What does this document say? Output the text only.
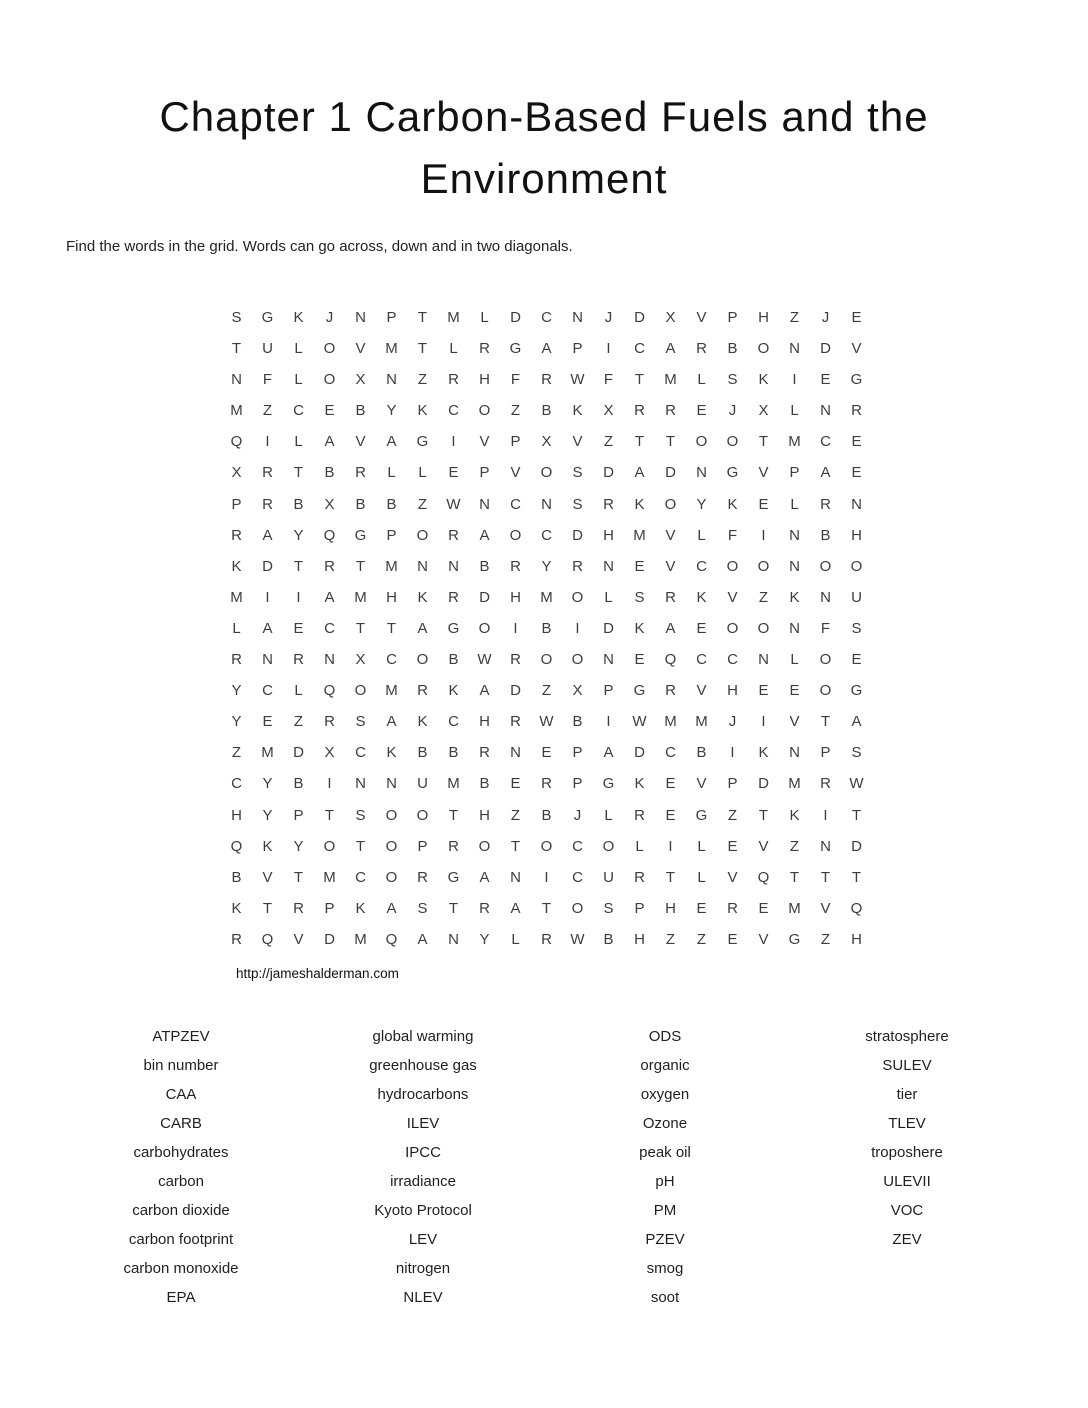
Chapter 1 Carbon-Based Fuels and the
Environment
Find the words in the grid. Words can go across, down and in two diagonals.
S	G	K	J	N	P	T	M	L	D	C	N	J	D	X	V	P	H	Z	J	E
T	U	L	O	V	M	T	L	R	G	A	P	I	C	A	R	B	O	N	D	V
N	F	L	O	X	N	Z	R	H	F	R	W	F	T	M	L	S	K	I	E	G
M	Z	C	E	B	Y	K	C	O	Z	B	K	X	R	R	E	J	X	L	N	R
Q	I	L	A	V	A	G	I	V	P	X	V	Z	T	T	O	O	T	M	C	E
X	R	T	B	R	L	L	E	P	V	O	S	D	A	D	N	G	V	P	A	E
P	R	B	X	B	B	Z	W	N	C	N	S	R	K	O	Y	K	E	L	R	N
R	A	Y	Q	G	P	O	R	A	O	C	D	H	M	V	L	F	I	N	B	H
K	D	T	R	T	M	N	N	B	R	Y	R	N	E	V	C	O	O	N	O	O
M	I	I	A	M	H	K	R	D	H	M	O	L	S	R	K	V	Z	K	N	U
L	A	E	C	T	T	A	G	O	I	B	I	D	K	A	E	O	O	N	F	S
R	N	R	N	X	C	O	B	W	R	O	O	N	E	Q	C	C	N	L	O	E
Y	C	L	Q	O	M	R	K	A	D	Z	X	P	G	R	V	H	E	E	O	G
Y	E	Z	R	S	A	K	C	H	R	W	B	I	W	M	M	J	I	V	T	A
Z	M	D	X	C	K	B	B	R	N	E	P	A	D	C	B	I	K	N	P	S
C	Y	B	I	N	N	U	M	B	E	R	P	G	K	E	V	P	D	M	R	W
H	Y	P	T	S	O	O	T	H	Z	B	J	L	R	E	G	Z	T	K	I	T
Q	K	Y	O	T	O	P	R	O	T	O	C	O	L	I	L	E	V	Z	N	D
B	V	T	M	C	O	R	G	A	N	I	C	U	R	T	L	V	Q	T	T	T
K	T	R	P	K	A	S	T	R	A	T	O	S	P	H	E	R	E	M	V	Q
R	Q	V	D	M	Q	A	N	Y	L	R	W	B	H	Z	Z	E	V	G	Z	H
http://jameshalderman.com
ATPZEV
bin number
CAA
CARB
carbohydrates
carbon
carbon dioxide
carbon footprint
carbon monoxide
EPA
global warming
greenhouse gas
hydrocarbons
ILEV
IPCC
irradiance
Kyoto Protocol
LEV
nitrogen
NLEV
ODS
organic
oxygen
Ozone
peak oil
pH
PM
PZEV
smog
soot
stratosphere
SULEV
tier
TLEV
troposhere
ULEVII
VOC
ZEV
